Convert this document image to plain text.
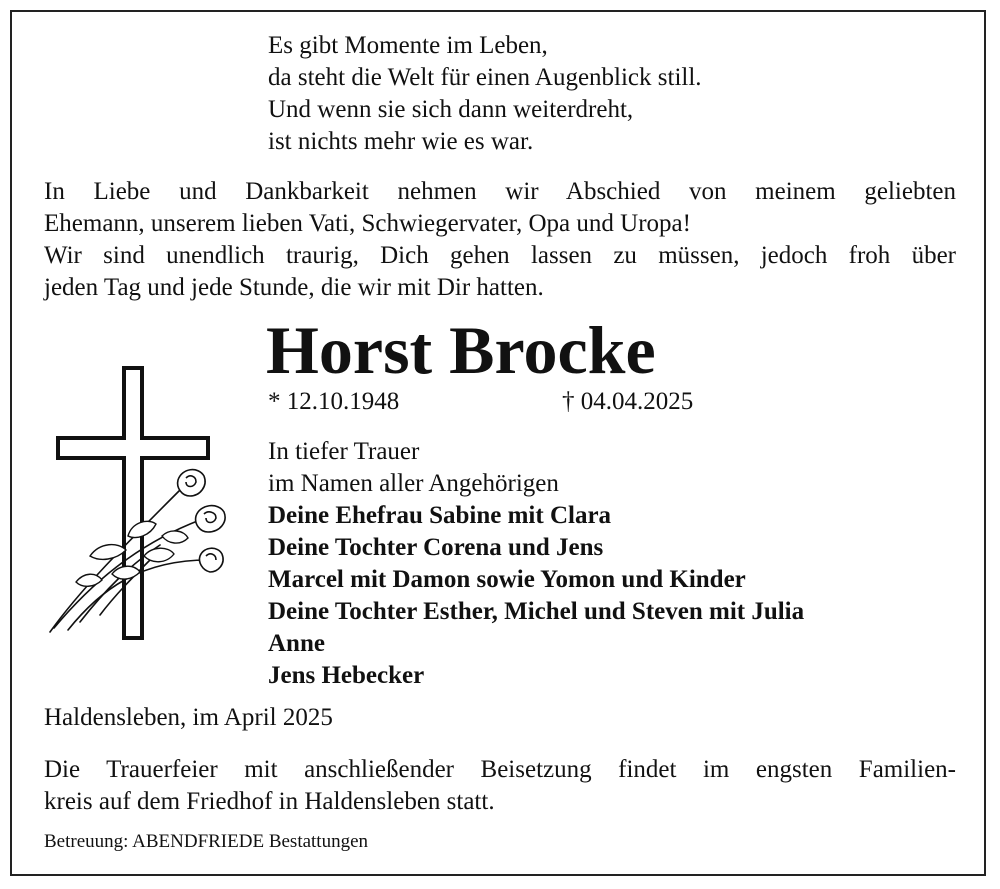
Es gibt Momente im Leben,
da steht die Welt für einen Augenblick still.
Und wenn sie sich dann weiterdreht,
ist nichts mehr wie es war.
In Liebe und Dankbarkeit nehmen wir Abschied von meinem geliebten
Ehemann, unserem lieben Vati, Schwiegervater, Opa und Uropa!
Wir sind unendlich traurig, Dich gehen lassen zu müssen, jedoch froh über
jeden Tag und jede Stunde, die wir mit Dir hatten.
Horst Brocke
* 12.10.1948	† 04.04.2025
In tiefer Trauer
im Namen aller Angehörigen
Deine Ehefrau Sabine mit Clara
Deine Tochter Corena und Jens
Marcel mit Damon sowie Yomon und Kinder
Deine Tochter Esther, Michel und Steven mit Julia
Anne
Jens Hebecker
Haldensleben, im April 2025
Die Trauerfeier mit anschließender Beisetzung findet im engsten Familien-
kreis auf dem Friedhof in Haldensleben statt.
Betreuung: ABENDFRIEDE Bestattungen
